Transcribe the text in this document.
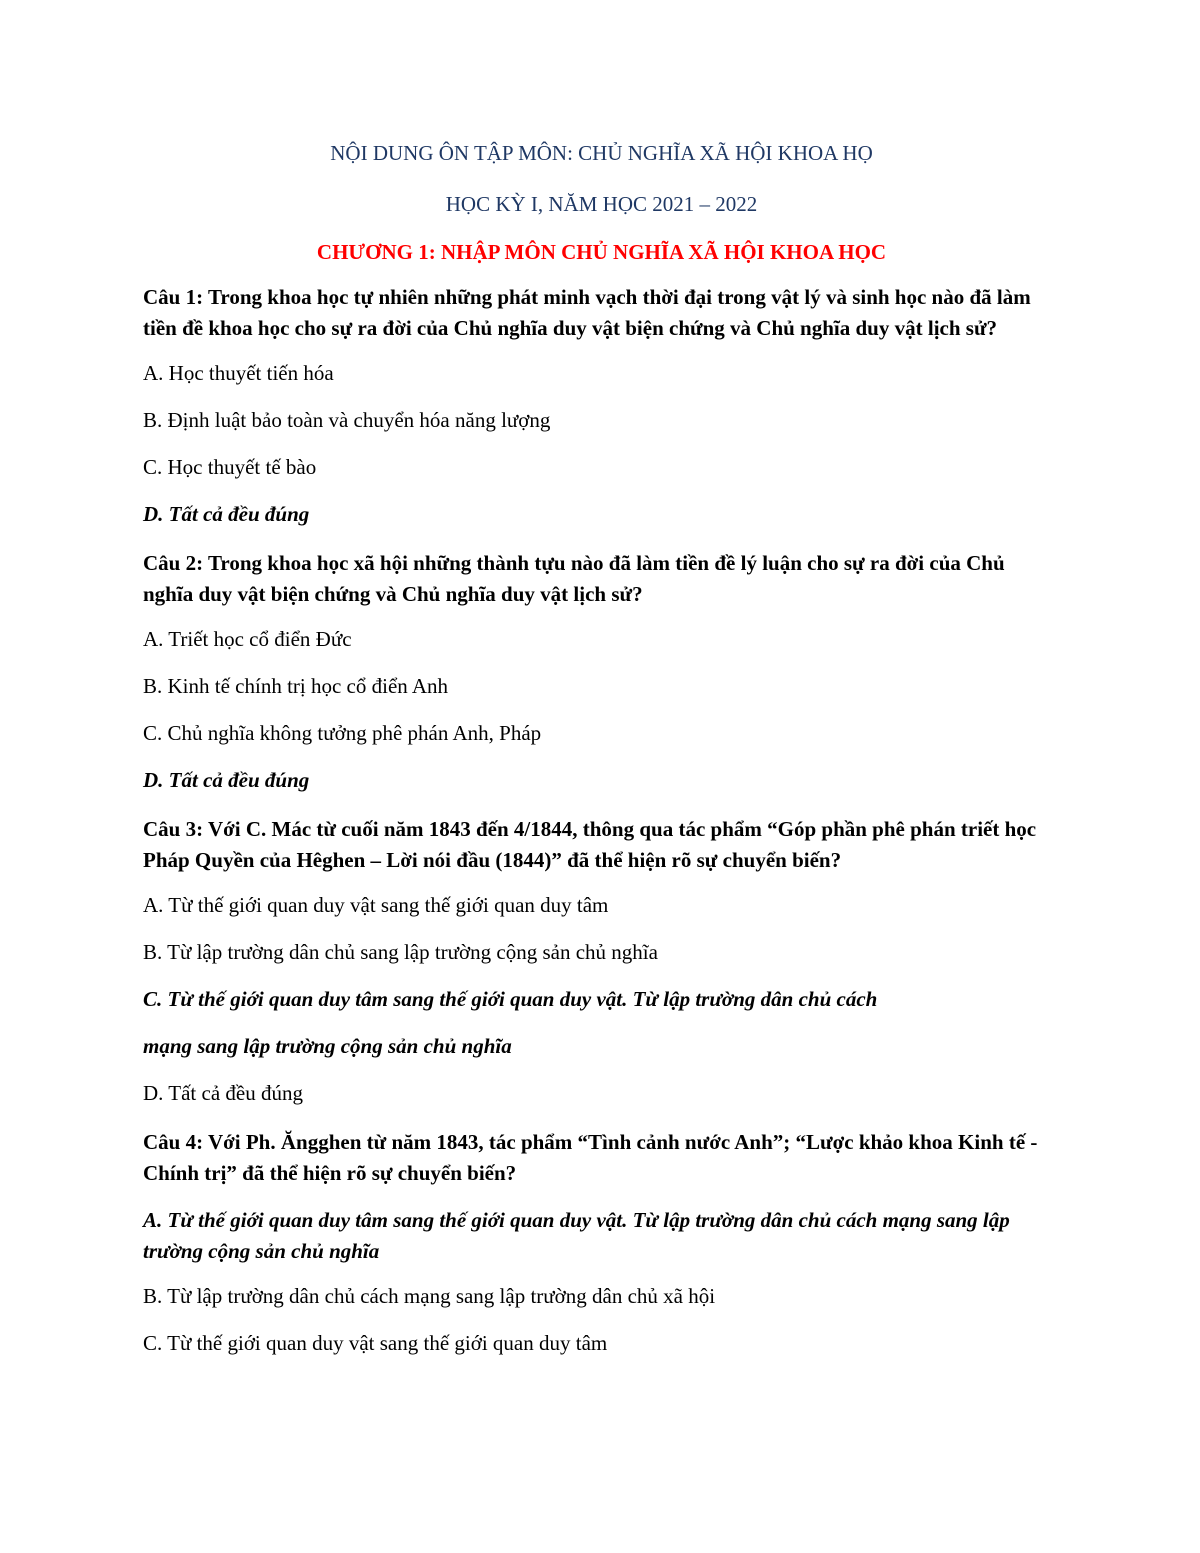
NỘI DUNG ÔN TẬP MÔN: CHỦ NGHĨA XÃ HỘI KHOA HỌ

HỌC KỲ I, NĂM HỌC 2021 – 2022

CHƯƠNG 1: NHẬP MÔN CHỦ NGHĨA XÃ HỘI KHOA HỌC

Câu 1: Trong khoa học tự nhiên những phát minh vạch thời đại trong vật lý và sinh học nào đã làm tiền đề khoa học cho sự ra đời của Chủ nghĩa duy vật biện chứng và Chủ nghĩa duy vật lịch sử?

A. Học thuyết tiến hóa

B. Định luật bảo toàn và chuyển hóa năng lượng

C. Học thuyết tế bào

D. Tất cả đều đúng

Câu 2: Trong khoa học xã hội những thành tựu nào đã làm tiền đề lý luận cho sự ra đời của Chủ nghĩa duy vật biện chứng và Chủ nghĩa duy vật lịch sử?

A. Triết học cổ điển Đức

B. Kinh tế chính trị học cổ điển Anh

C. Chủ nghĩa không tưởng phê phán Anh, Pháp

D. Tất cả đều đúng

Câu 3: Với C. Mác từ cuối năm 1843 đến 4/1844, thông qua tác phẩm “Góp phần phê phán triết học Pháp Quyền của Hêghen – Lời nói đầu (1844)” đã thể hiện rõ sự chuyển biến?

A. Từ thế giới quan duy vật sang thế giới quan duy tâm

B. Từ lập trường dân chủ sang lập trường cộng sản chủ nghĩa

C. Từ thế giới quan duy tâm sang thế giới quan duy vật. Từ lập trường dân chủ cách

mạng sang lập trường cộng sản chủ nghĩa

D. Tất cả đều đúng

Câu 4: Với Ph. Ăngghen từ năm 1843, tác phẩm “Tình cảnh nước Anh”; “Lược khảo khoa Kinh tế - Chính trị” đã thể hiện rõ sự chuyển biến?

A. Từ thế giới quan duy tâm sang thế giới quan duy vật. Từ lập trường dân chủ cách mạng sang lập trường cộng sản chủ nghĩa

B. Từ lập trường dân chủ cách mạng sang lập trường dân chủ xã hội

C. Từ thế giới quan duy vật sang thế giới quan duy tâm
